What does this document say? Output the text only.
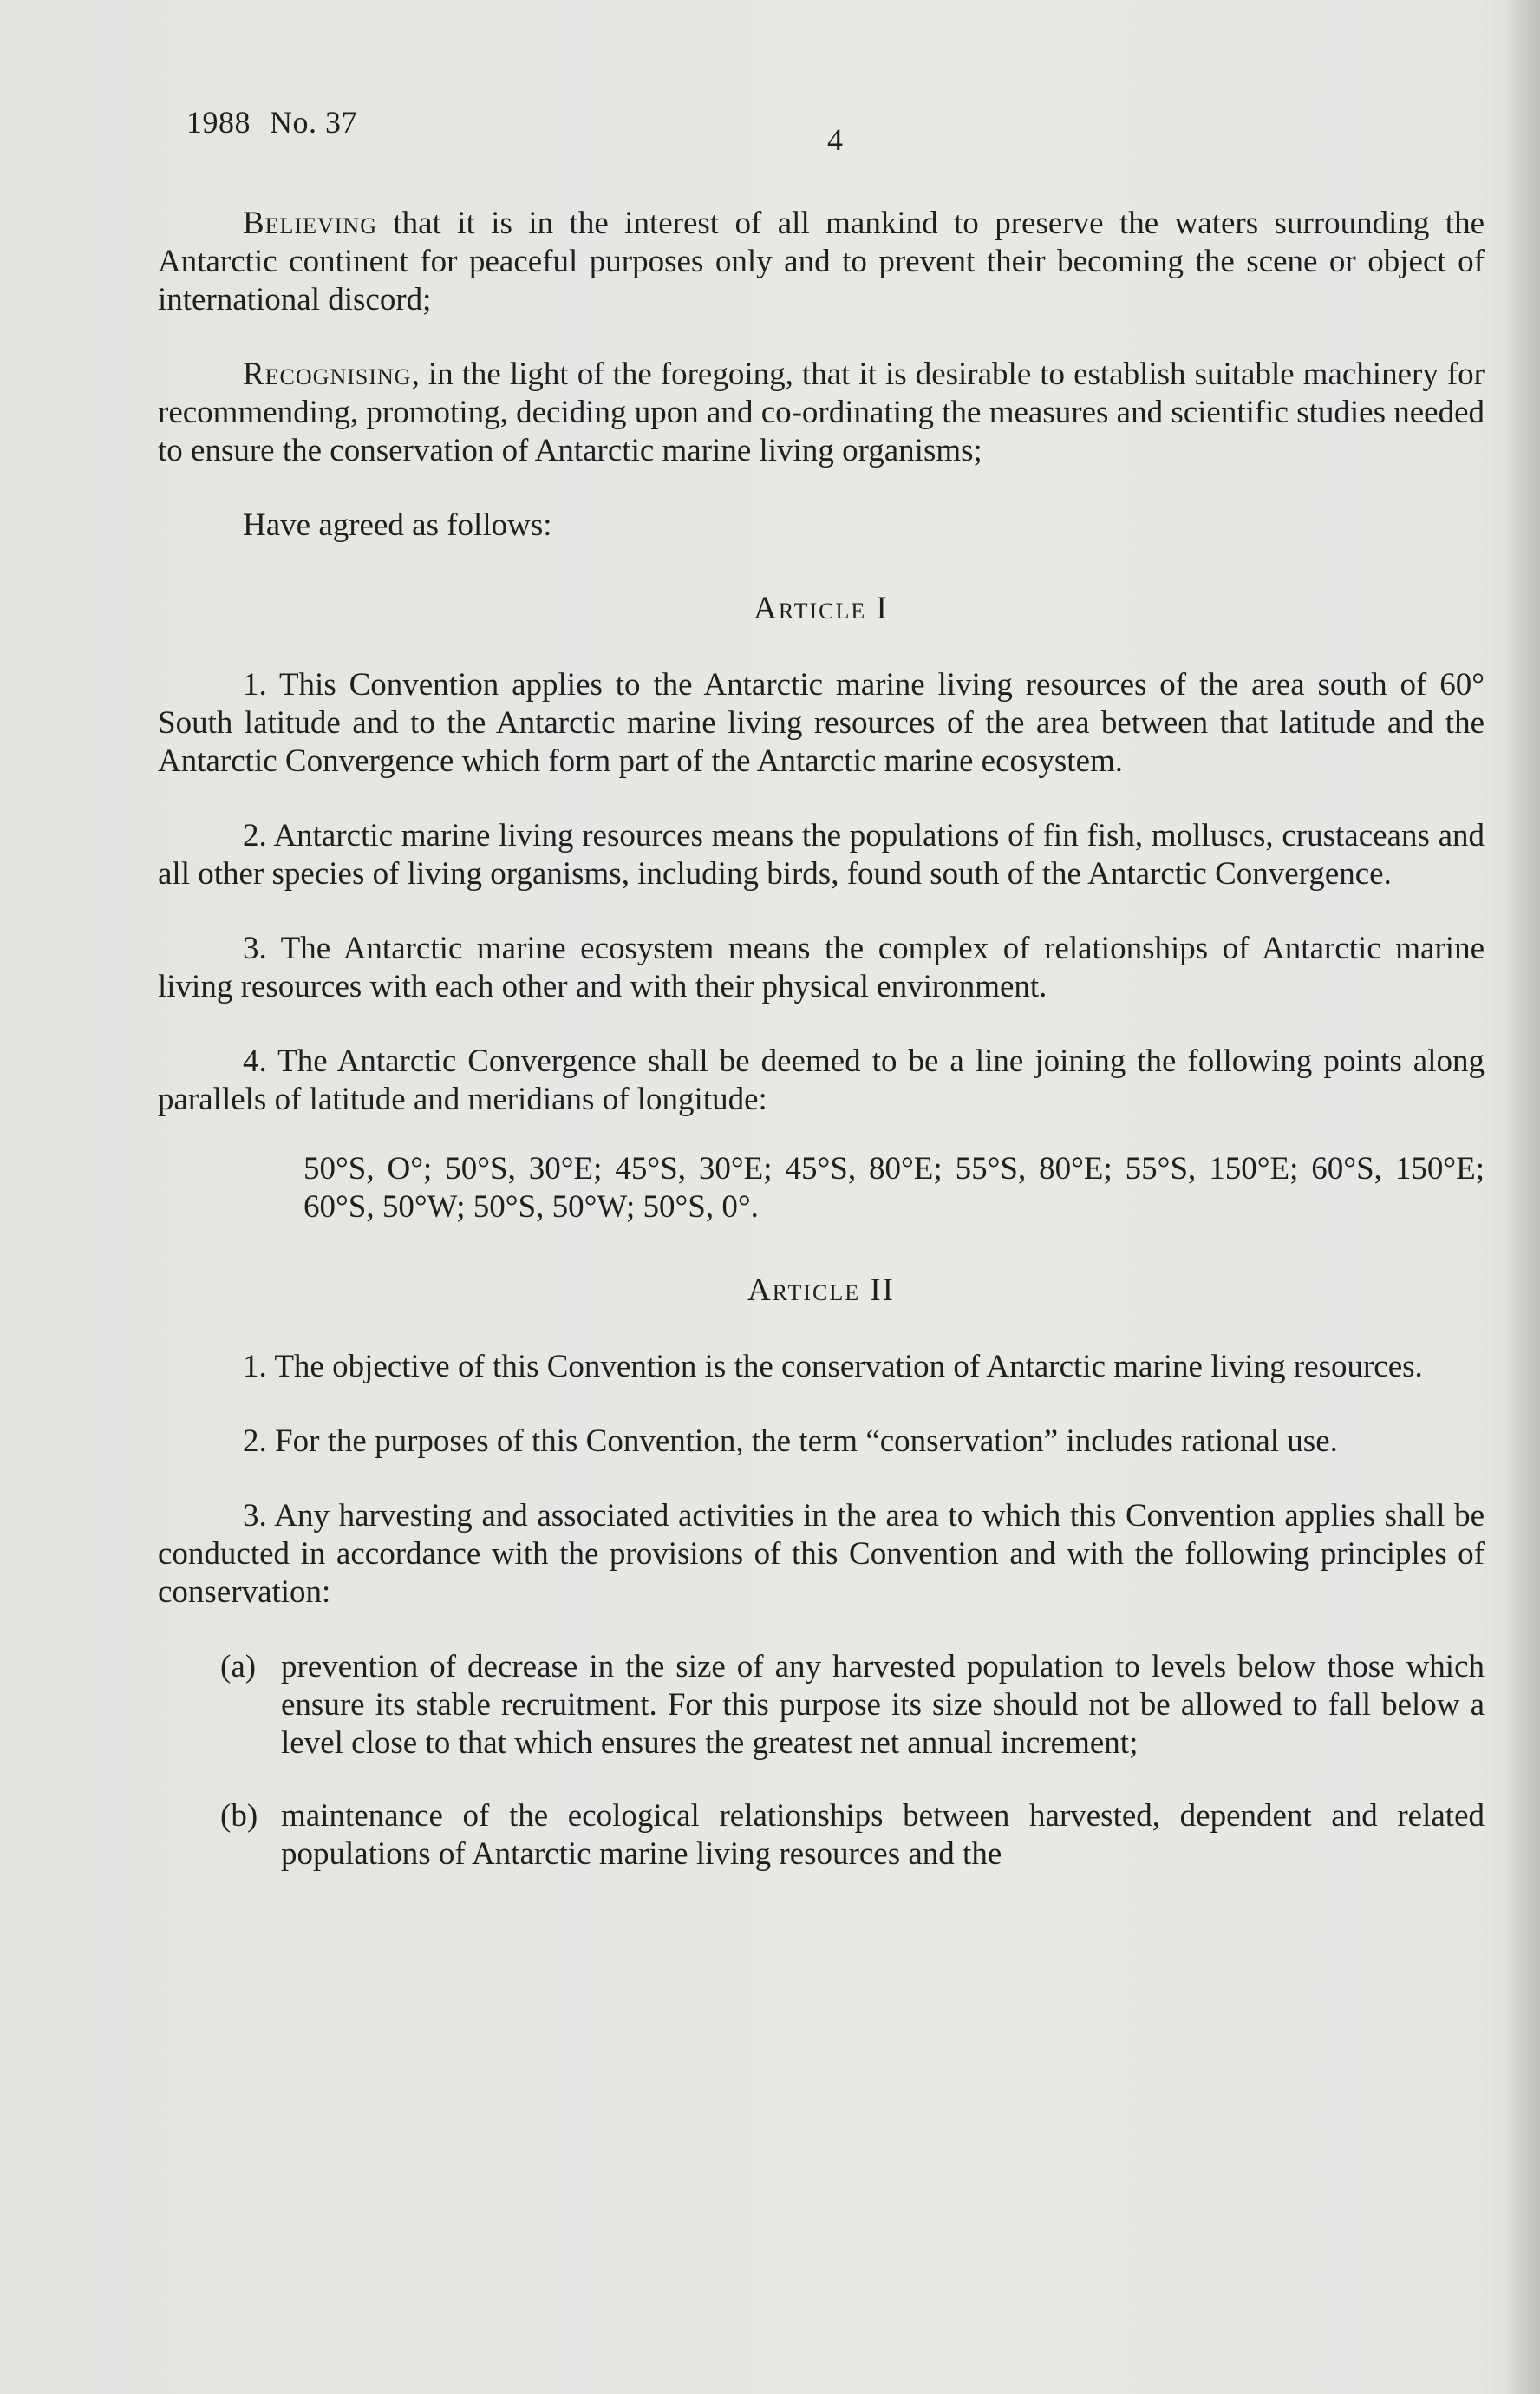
1988 No. 37	4

Believing that it is in the interest of all mankind to preserve the waters surrounding the Antarctic continent for peaceful purposes only and to prevent their becoming the scene or object of international discord;

Recognising, in the light of the foregoing, that it is desirable to establish suitable machinery for recommending, promoting, deciding upon and co-ordinating the measures and scientific studies needed to ensure the conservation of Antarctic marine living organisms;

Have agreed as follows:

Article I

1. This Convention applies to the Antarctic marine living resources of the area south of 60° South latitude and to the Antarctic marine living resources of the area between that latitude and the Antarctic Convergence which form part of the Antarctic marine ecosystem.

2. Antarctic marine living resources means the populations of fin fish, molluscs, crustaceans and all other species of living organisms, including birds, found south of the Antarctic Convergence.

3. The Antarctic marine ecosystem means the complex of relationships of Antarctic marine living resources with each other and with their physical environment.

4. The Antarctic Convergence shall be deemed to be a line joining the following points along parallels of latitude and meridians of longitude:

50°S, O°; 50°S, 30°E; 45°S, 30°E; 45°S, 80°E; 55°S, 80°E; 55°S, 150°E; 60°S, 150°E; 60°S, 50°W; 50°S, 50°W; 50°S, 0°.

Article II

1. The objective of this Convention is the conservation of Antarctic marine living resources.

2. For the purposes of this Convention, the term “conservation” includes rational use.

3. Any harvesting and associated activities in the area to which this Convention applies shall be conducted in accordance with the provisions of this Convention and with the following principles of conservation:

(a) prevention of decrease in the size of any harvested population to levels below those which ensure its stable recruitment. For this purpose its size should not be allowed to fall below a level close to that which ensures the greatest net annual increment;
(b) maintenance of the ecological relationships between harvested, dependent and related populations of Antarctic marine living resources and the
